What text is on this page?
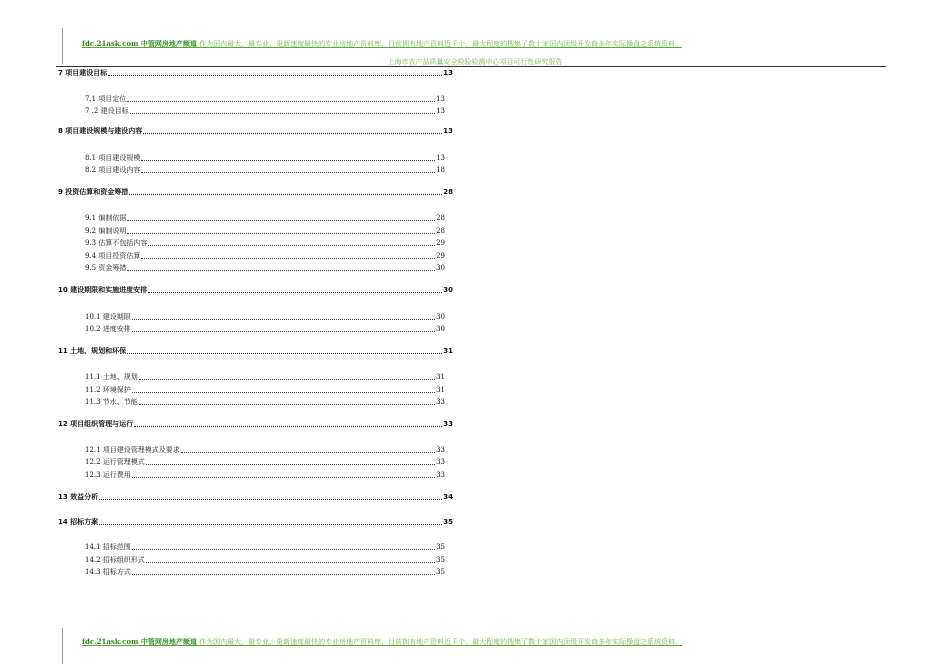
fdc.21ask.com 中管网房地产频道 作为国内最大、最专业、更新速度最快的专业房地产资料库，目前拥有地产资料近千个，最大程度的搜集了数十家国内顶级开发商多年实际操盘之系统资料。
上海市农产品质量安全检验检测中心项目可行性研究报告
7 项目建设目标	13
7.1 项目定位	13
7 .2 建设目标	13
8 项目建设规模与建设内容	13
8.1 项目建设规模	13
8.2 项目建设内容	18
9 投资估算和资金筹措	28
9.1 编制依据	28
9.2 编制说明	28
9.3 估算不包括内容	29
9.4 项目投资估算	29
9.5 资金筹措	30
10 建设期限和实施进度安排	30
10.1 建设期限	30
10.2 进度安排	30
11 土地、规划和环保	31
11.1 土地、规划	31
11.2 环境保护	31
11.3 节水、节能	33
12 项目组织管理与运行	33
12.1 项目建设管理模式及要求	33
12.2 运行管理模式	33
12.3 运行费用	33
13 效益分析	34
14 招标方案	35
14.1 招标范围	35
14.2 招标组织形式	35
14.3 招标方式	35
fdc.21ask.com 中管网房地产频道 作为国内最大、最专业、更新速度最快的专业房地产资料库，目前拥有地产资料近千个，最大程度的搜集了数十家国内顶级开发商多年实际操盘之系统资料。
